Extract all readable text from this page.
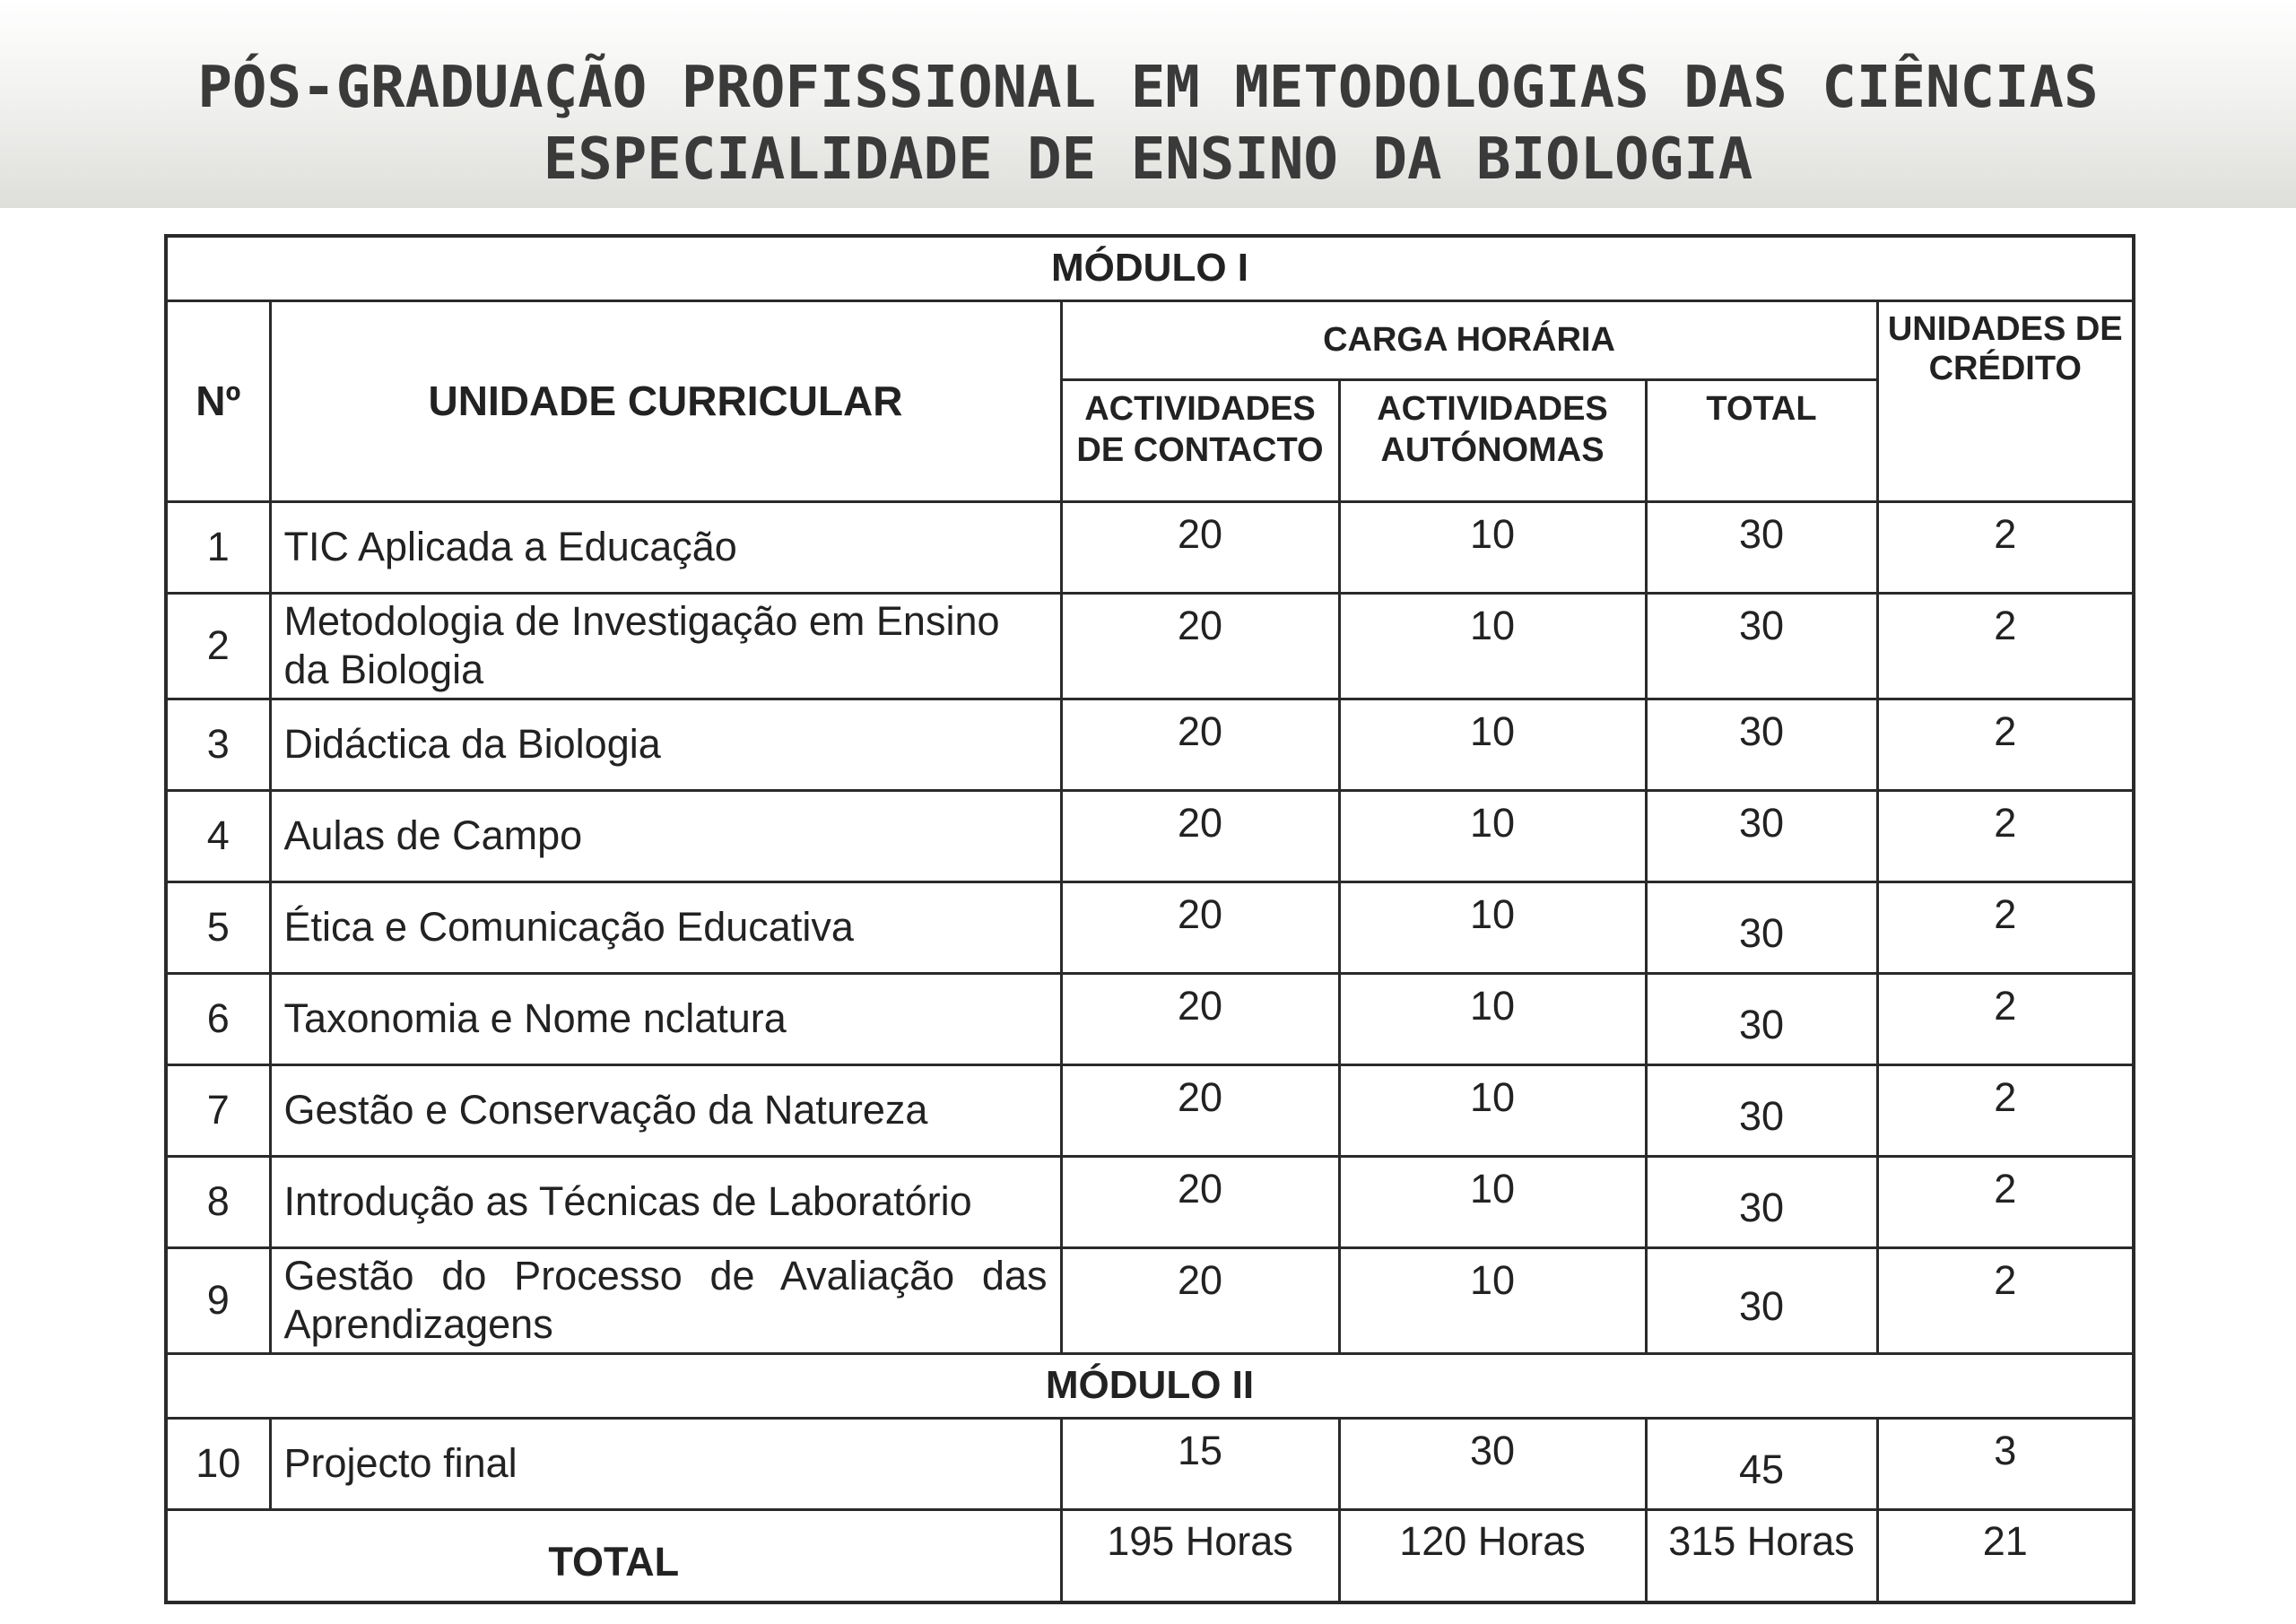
PÓS-GRADUAÇÃO PROFISSIONAL EM METODOLOGIAS DAS CIÊNCIAS
ESPECIALIDADE DE ENSINO DA BIOLOGIA
MÓDULO I					
Nº	UNIDADE CURRICULAR	CARGA HORÁRIA			UNIDADES DE CRÉDITO
		ACTIVIDADES DE CONTACTO	ACTIVIDADES AUTÓNOMAS	TOTAL	
1	TIC Aplicada a Educação	20	10	30	2
2	Metodologia de Investigação em Ensino da Biologia	20	10	30	2
3	Didáctica da Biologia	20	10	30	2
4	Aulas de Campo	20	10	30	2
5	Ética e Comunicação Educativa	20	10	30	2
6	Taxonomia e Nome nclatura	20	10	30	2
7	Gestão e Conservação da Natureza	20	10	30	2
8	Introdução as Técnicas de Laboratório	20	10	30	2
9	Gestão do Processo de Avaliação das Aprendizagens	20	10	30	2
MÓDULO II					
10	Projecto final	15	30	45	3
TOTAL		195 Horas	120 Horas	315 Horas	21
